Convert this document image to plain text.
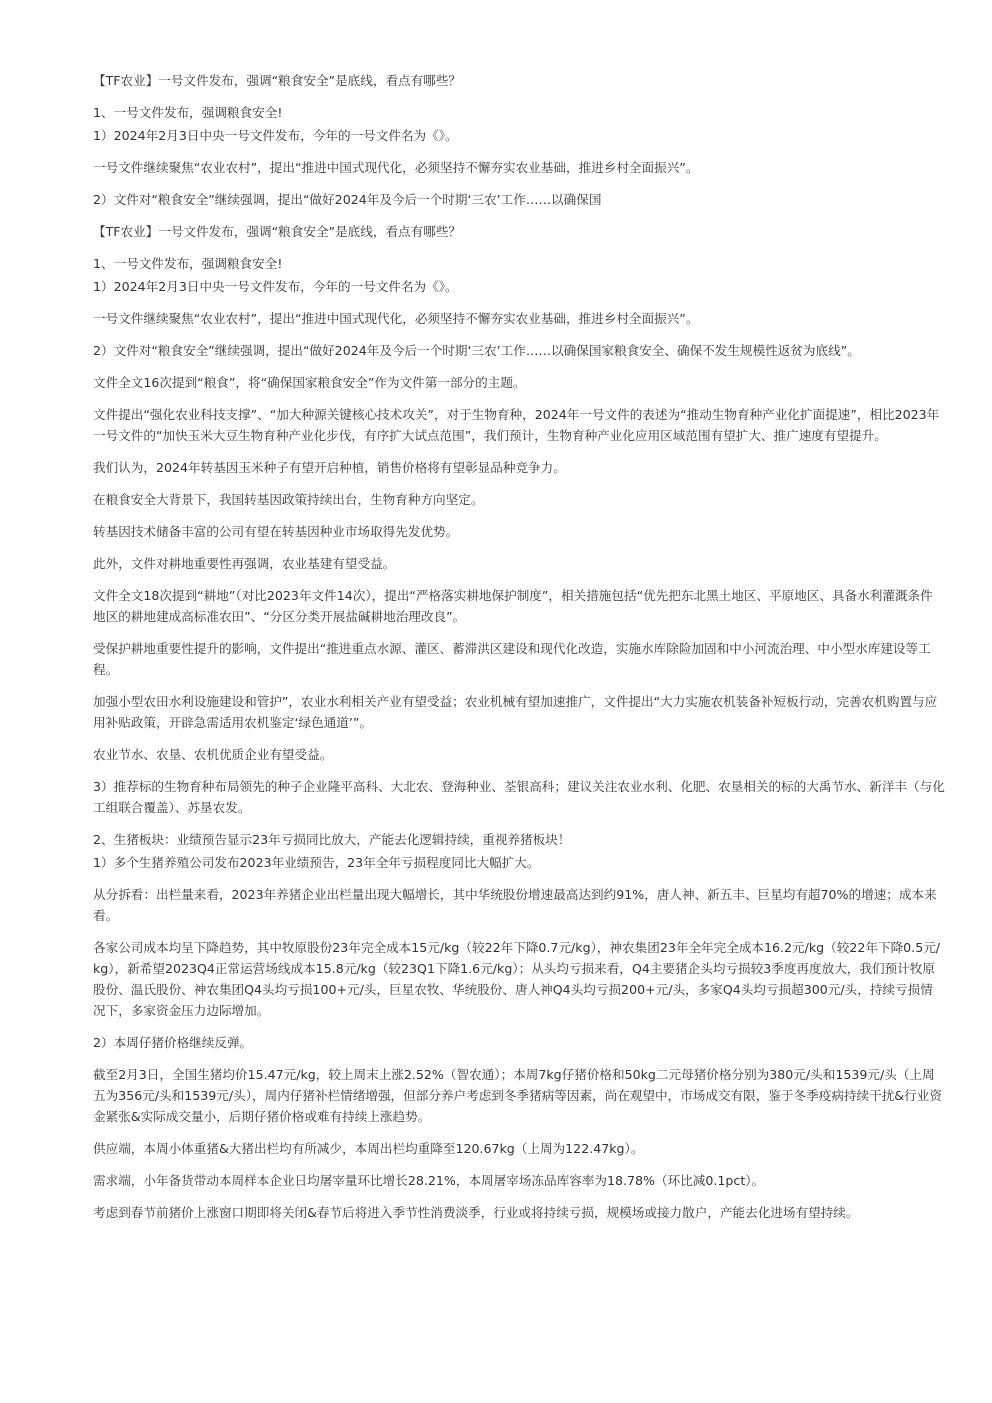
【TF农业】一号文件发布，强调“粮食安全”是底线，看点有哪些？

1、一号文件发布，强调粮食安全!

1）2024年2月3日中央一号文件发布，今年的一号文件名为《》。

一号文件继续聚焦“农业农村”，提出“推进中国式现代化，必须坚持不懈夯实农业基础，推进乡村全面振兴”。

2）文件对“粮食安全”继续强调，提出“做好2024年及今后一个时期‘三农’工作……以确保国

【TF农业】一号文件发布，强调“粮食安全”是底线，看点有哪些？

1、一号文件发布，强调粮食安全!

1）2024年2月3日中央一号文件发布，今年的一号文件名为《》。

一号文件继续聚焦“农业农村”，提出“推进中国式现代化，必须坚持不懈夯实农业基础，推进乡村全面振兴”。

2）文件对“粮食安全”继续强调，提出“做好2024年及今后一个时期‘三农’工作……以确保国家粮食安全、确保不发生规模性返贫为底线”。

文件全文16次提到“粮食”，将“确保国家粮食安全”作为文件第一部分的主题。

文件提出“强化农业科技支撑”、“加大种源关键核心技术攻关”，对于生物育种，2024年一号文件的表述为“推动生物育种产业化扩面提速”，相比2023年一号文件的“加快玉米大豆生物育种产业化步伐，有序扩大试点范围”，我们预计，生物育种产业化应用区域范围有望扩大、推广速度有望提升。

我们认为，2024年转基因玉米种子有望开启种植，销售价格将有望彰显品种竞争力。

在粮食安全大背景下，我国转基因政策持续出台，生物育种方向坚定。

转基因技术储备丰富的公司有望在转基因种业市场取得先发优势。

此外，文件对耕地重要性再强调，农业基建有望受益。

文件全文18次提到“耕地”（对比2023年文件14次），提出“严格落实耕地保护制度”，相关措施包括“优先把东北黑土地区、平原地区、具备水利灌溉条件地区的耕地建成高标准农田”、“分区分类开展盐碱耕地治理改良”。

受保护耕地重要性提升的影响，文件提出“推进重点水源、灌区、蓄滞洪区建设和现代化改造，实施水库除险加固和中小河流治理、中小型水库建设等工程。

加强小型农田水利设施建设和管护”，农业水利相关产业有望受益；农业机械有望加速推广，文件提出“大力实施农机装备补短板行动，完善农机购置与应用补贴政策，开辟急需适用农机鉴定‘绿色通道’”。

农业节水、农垦、农机优质企业有望受益。

3）推荐标的生物育种布局领先的种子企业隆平高科、大北农、登海种业、荃银高科；建议关注农业水利、化肥、农垦相关的标的大禹节水、新洋丰（与化工组联合覆盖）、苏垦农发。

2、生猪板块：业绩预告显示23年亏损同比放大，产能去化逻辑持续，重视养猪板块！

1）多个生猪养殖公司发布2023年业绩预告，23年全年亏损程度同比大幅扩大。

从分拆看：出栏量来看，2023年养猪企业出栏量出现大幅增长，其中华统股份增速最高达到约91%，唐人神、新五丰、巨星均有超70%的增速；成本来看。

各家公司成本均呈下降趋势，其中牧原股份23年完全成本15元/kg（较22年下降0.7元/kg），神农集团23年全年完全成本16.2元/kg（较22年下降0.5元/kg），新希望2023Q4正常运营场线成本15.8元/kg（较23Q1下降1.6元/kg）；从头均亏损来看，Q4主要猪企头均亏损较3季度再度放大，我们预计牧原股份、温氏股份、神农集团Q4头均亏损100+元/头，巨星农牧、华统股份、唐人神Q4头均亏损200+元/头，多家Q4头均亏损超300元/头，持续亏损情况下，多家资金压力边际增加。

2）本周仔猪价格继续反弹。

截至2月3日，全国生猪均价15.47元/kg，较上周末上涨2.52%（智农通）；本周7kg仔猪价格和50kg二元母猪价格分别为380元/头和1539元/头（上周五为356元/头和1539元/头），周内仔猪补栏情绪增强，但部分养户考虑到冬季猪病等因素，尚在观望中，市场成交有限，鉴于冬季疫病持续干扰&行业资金紧张&实际成交量小，后期仔猪价格或难有持续上涨趋势。

供应端，本周小体重猪&大猪出栏均有所减少，本周出栏均重降至120.67kg（上周为122.47kg）。

需求端，小年备货带动本周样本企业日均屠宰量环比增长28.21%，本周屠宰场冻品库容率为18.78%（环比减0.1pct）。

考虑到春节前猪价上涨窗口期即将关闭&春节后将进入季节性消费淡季，行业或将持续亏损，规模场或接力散户，产能去化进场有望持续。
